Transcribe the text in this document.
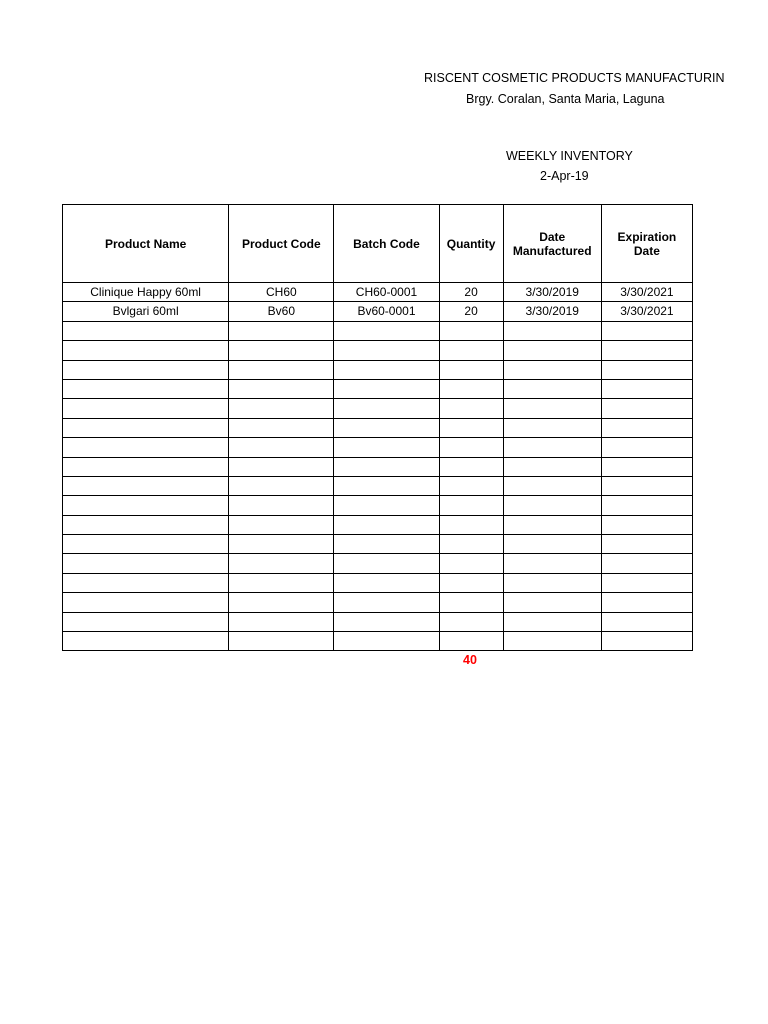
RISCENT COSMETIC PRODUCTS MANUFACTURIN
Brgy. Coralan, Santa Maria, Laguna
WEEKLY INVENTORY
2-Apr-19
Product Name	Product Code	Batch Code	Quantity	Date Manufactured	Expiration Date
Clinique Happy 60ml	CH60	CH60-0001	20	3/30/2019	3/30/2021
Bvlgari 60ml	Bv60	Bv60-0001	20	3/30/2019	3/30/2021

40
